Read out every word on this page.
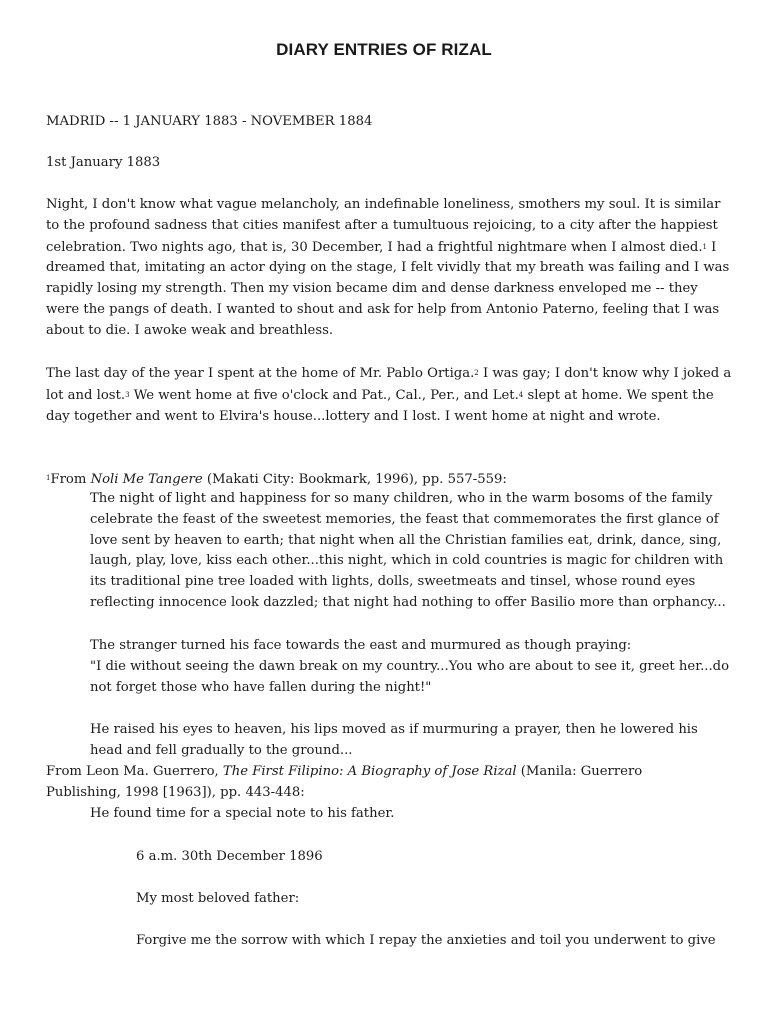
DIARY ENTRIES OF RIZAL
MADRID -- 1 JANUARY 1883 - NOVEMBER 1884
1st January 1883

Night, I don't know what vague melancholy, an indefinable loneliness, smothers my soul. It is similar
to the profound sadness that cities manifest after a tumultuous rejoicing, to a city after the happiest
celebration. Two nights ago, that is, 30 December, I had a frightful nightmare when I almost died.$^1$ I
dreamed that, imitating an actor dying on the stage, I felt vividly that my breath was failing and I was
rapidly losing my strength. Then my vision became dim and dense darkness enveloped me -- they
were the pangs of death. I wanted to shout and ask for help from Antonio Paterno, feeling that I was
about to die. I awoke weak and breathless.

The last day of the year I spent at the home of Mr. Pablo Ortiga.$^2$ I was gay; I don't know why I joked a
lot and lost.$^3$ We went home at five o'clock and Pat., Cal., Per., and Let.$^4$ slept at home. We spent the
day together and went to Elvira's house...lottery and I lost. I went home at night and wrote.

$^1$From Noli Me Tangere (Makati City: Bookmark, 1996), pp. 557-559:

The night of light and happiness for so many children, who in the warm bosoms of the family
celebrate the feast of the sweetest memories, the feast that commemorates the first glance of
love sent by heaven to earth; that night when all the Christian families eat, drink, dance, sing,
laugh, play, love, kiss each other...this night, which in cold countries is magic for children with
its traditional pine tree loaded with lights, dolls, sweetmeats and tinsel, whose round eyes
reflecting innocence look dazzled; that night had nothing to offer Basilio more than orphancy...

The stranger turned his face towards the east and murmured as though praying:
"I die without seeing the dawn break on my country...You who are about to see it, greet her...do
not forget those who have fallen during the night!"

He raised his eyes to heaven, his lips moved as if murmuring a prayer, then he lowered his
head and fell gradually to the ground...

From Leon Ma. Guerrero, The First Filipino: A Biography of Jose Rizal (Manila: Guerrero
Publishing, 1998 [1963]), pp. 443-448:

He found time for a special note to his father.

6 a.m. 30th December 1896

My most beloved father:

Forgive me the sorrow with which I repay the anxieties and toil you underwent to give
